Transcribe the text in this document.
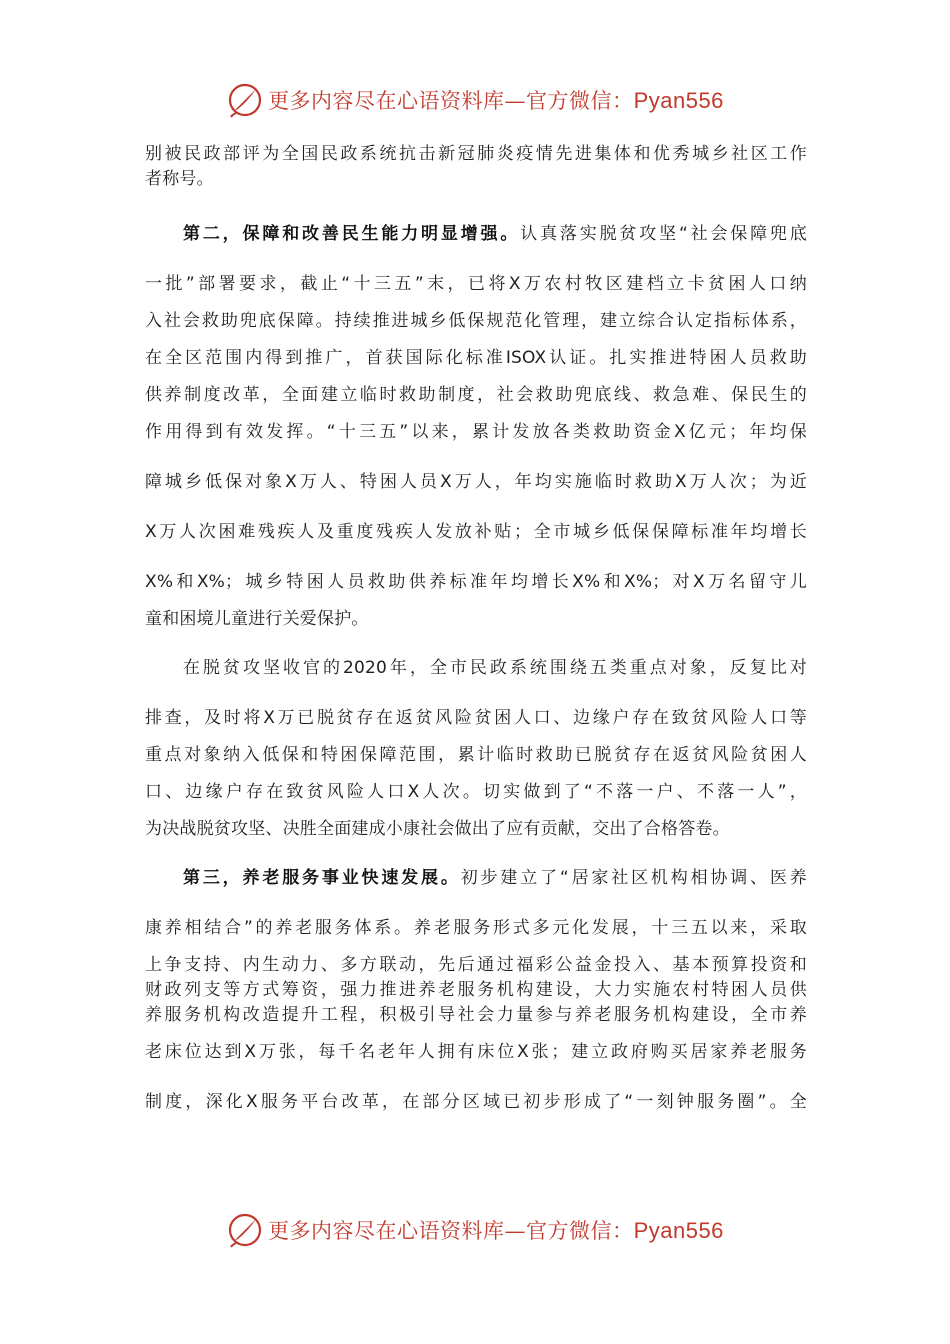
更多内容尽在心语资料库—官方微信：Pyan556
别被民政部评为全国民政系统抗击新冠肺炎疫情先进集体和优秀城乡社区工作
者称号。
第二，保障和改善民生能力明显增强。认真落实脱贫攻坚“社会保障兜底
一批”部署要求，截止“十三五”末，已将X万农村牧区建档立卡贫困人口纳
入社会救助兜底保障。持续推进城乡低保规范化管理，建立综合认定指标体系，
在全区范围内得到推广，首获国际化标准ISOX认证。扎实推进特困人员救助
供养制度改革，全面建立临时救助制度，社会救助兜底线、救急难、保民生的
作用得到有效发挥。“十三五”以来，累计发放各类救助资金X亿元；年均保
障城乡低保对象X万人、特困人员X万人，年均实施临时救助X万人次；为近
X万人次困难残疾人及重度残疾人发放补贴；全市城乡低保保障标准年均增长
X%和X%；城乡特困人员救助供养标准年均增长X%和X%；对X万名留守儿
童和困境儿童进行关爱保护。
在脱贫攻坚收官的2020年，全市民政系统围绕五类重点对象，反复比对
排查，及时将X万已脱贫存在返贫风险贫困人口、边缘户存在致贫风险人口等
重点对象纳入低保和特困保障范围，累计临时救助已脱贫存在返贫风险贫困人
口、边缘户存在致贫风险人口X人次。切实做到了“不落一户、不落一人”，
为决战脱贫攻坚、决胜全面建成小康社会做出了应有贡献，交出了合格答卷。
第三，养老服务事业快速发展。初步建立了“居家社区机构相协调、医养
康养相结合”的养老服务体系。养老服务形式多元化发展，十三五以来，采取
上争支持、内生动力、多方联动，先后通过福彩公益金投入、基本预算投资和
财政列支等方式筹资，强力推进养老服务机构建设，大力实施农村特困人员供
养服务机构改造提升工程，积极引导社会力量参与养老服务机构建设，全市养
老床位达到X万张，每千名老年人拥有床位X张；建立政府购买居家养老服务
制度，深化X服务平台改革，在部分区域已初步形成了“一刻钟服务圈”。全
更多内容尽在心语资料库—官方微信：Pyan556
